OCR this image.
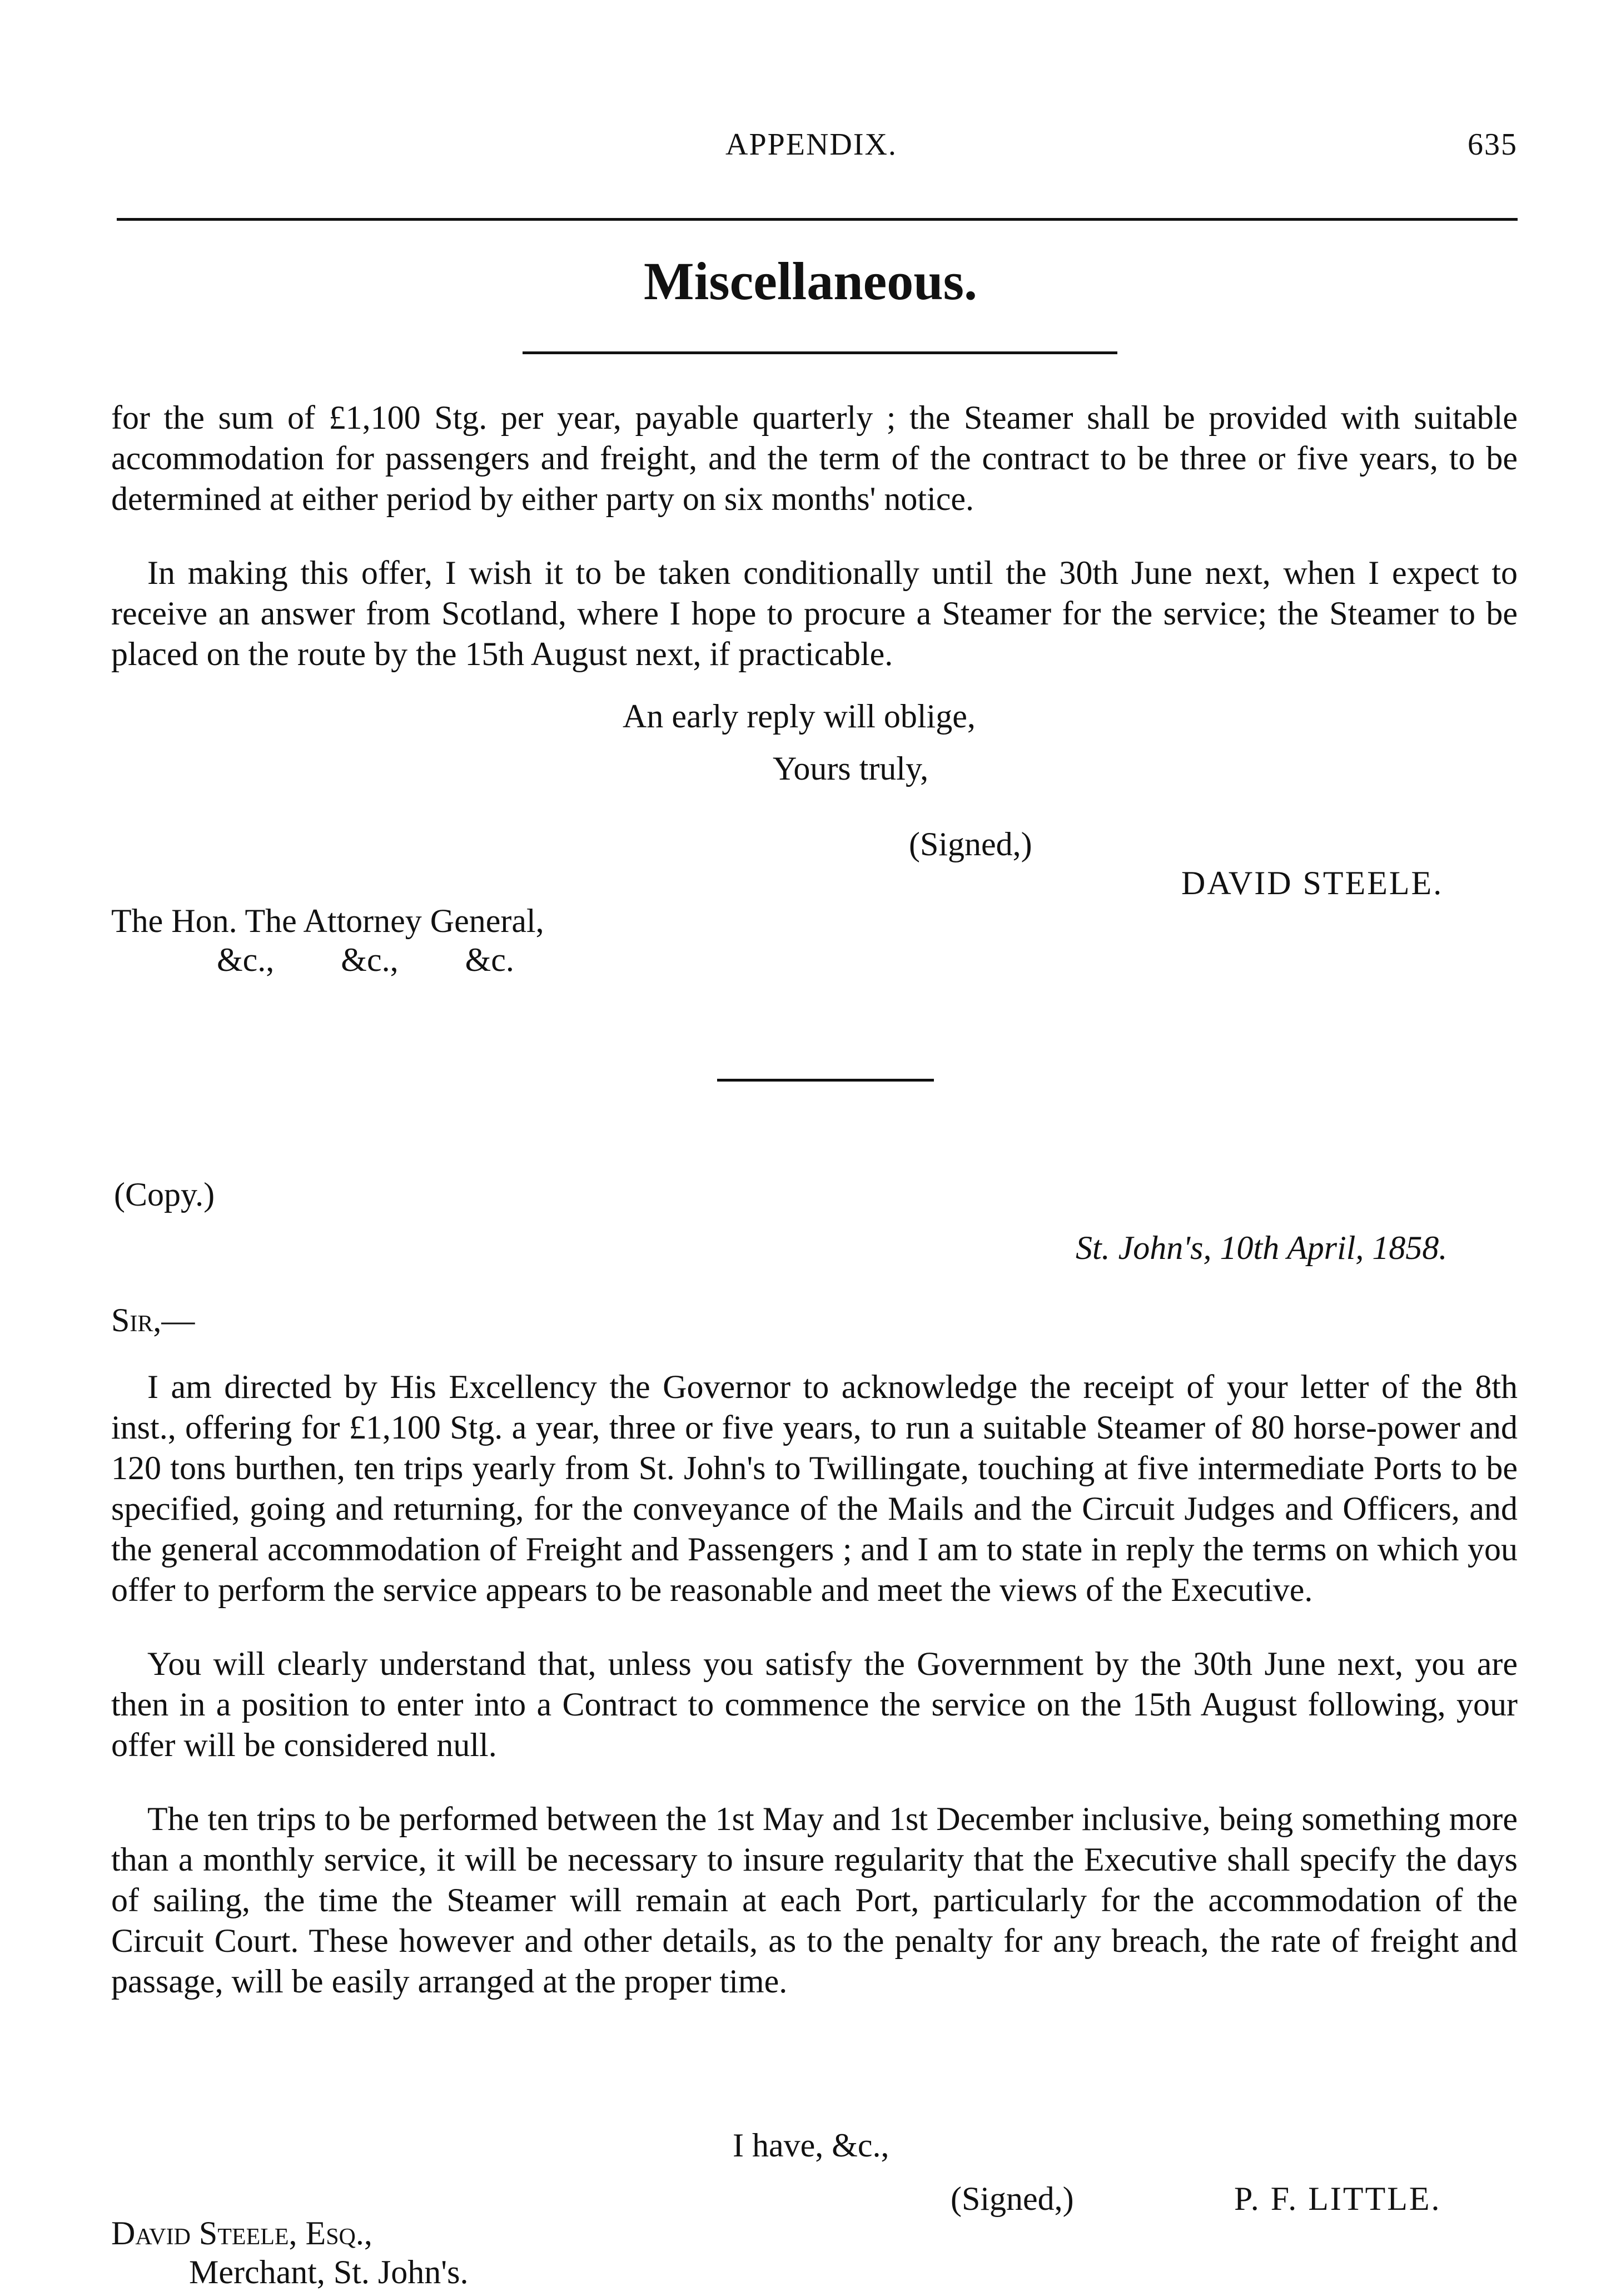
APPENDIX.	635
Miscellaneous.

for the sum of £1,100 Stg. per year, payable quarterly ; the Steamer shall be provided with suitable accommodation for passengers and freight, and the term of the contract to be three or five years, to be determined at either period by either party on six months' notice.

In making this offer, I wish it to be taken conditionally until the 30th June next, when I expect to receive an answer from Scotland, where I hope to procure a Steamer for the service; the Steamer to be placed on the route by the 15th August next, if practicable.

An early reply will oblige,
Yours truly,
(Signed,)
DAVID STEELE.
The Hon. The Attorney General,
&c.,        &c.,        &c.
(Copy.)
St. John's, 10th April, 1858.
Sir,—

I am directed by His Excellency the Governor to acknowledge the receipt of your letter of the 8th inst., offering for £1,100 Stg. a year, three or five years, to run a suitable Steamer of 80 horse-power and 120 tons burthen, ten trips yearly from St. John's to Twillingate, touching at five intermediate Ports to be specified, going and returning, for the conveyance of the Mails and the Circuit Judges and Officers, and the general accommodation of Freight and Passengers ; and I am to state in reply the terms on which you offer to perform the service appears to be reasonable and meet the views of the Executive.

You will clearly understand that, unless you satisfy the Government by the 30th June next, you are then in a position to enter into a Contract to commence the service on the 15th August following, your offer will be considered null.

The ten trips to be performed between the 1st May and 1st December inclusive, being something more than a monthly service, it will be necessary to insure regularity that the Executive shall specify the days of sailing, the time the Steamer will remain at each Port, particularly for the accommodation of the Circuit Court. These however and other details, as to the penalty for any breach, the rate of freight and passage, will be easily arranged at the proper time.

I have, &c.,
(Signed,)	P. F. LITTLE.
David Steele, Esq.,
Merchant, St. John's.
